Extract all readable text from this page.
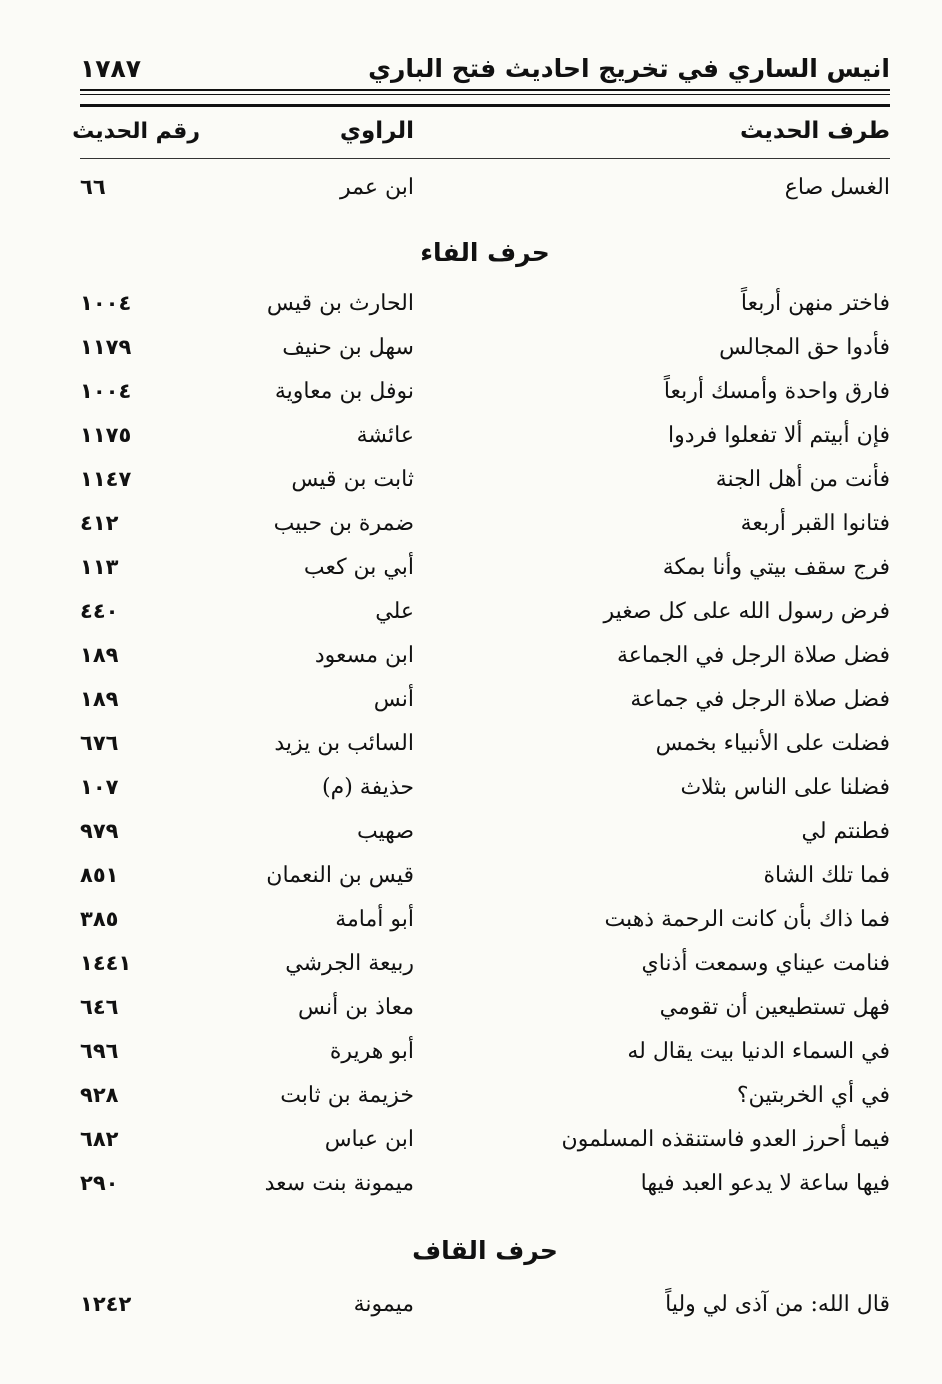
١٧٨٧	انيس الساري في تخريج احاديث فتح الباري
طرف الحديث
الراوي
رقم الحديث
الغسل صاع
ابن عمر
٦٦
حرف الفاء
فاختر منهن أربعاً
الحارث بن قيس
١٠٠٤
فأدوا حق المجالس
سهل بن حنيف
١١٧٩
فارق واحدة وأمسك أربعاً
نوفل بن معاوية
١٠٠٤
فإن أبيتم ألا تفعلوا فردوا
عائشة
١١٧٥
فأنت من أهل الجنة
ثابت بن قيس
١١٤٧
فتانوا القبر أربعة
ضمرة بن حبيب
٤١٢
فرج سقف بيتي وأنا بمكة
أبي بن كعب
١١٣
فرض رسول الله على كل صغير
علي
٤٤٠
فضل صلاة الرجل في الجماعة
ابن مسعود
١٨٩
فضل صلاة الرجل في جماعة
أنس
١٨٩
فضلت على الأنبياء بخمس
السائب بن يزيد
٦٧٦
فضلنا على الناس بثلاث
حذيفة (م)
١٠٧
فطنتم لي
صهيب
٩٧٩
فما تلك الشاة
قيس بن النعمان
٨٥١
فما ذاك بأن كانت الرحمة ذهبت
أبو أمامة
٣٨٥
فنامت عيناي وسمعت أذناي
ربيعة الجرشي
١٤٤١
فهل تستطيعين أن تقومي
معاذ بن أنس
٦٤٦
في السماء الدنيا بيت يقال له
أبو هريرة
٦٩٦
في أي الخربتين؟
خزيمة بن ثابت
٩٢٨
فيما أحرز العدو فاستنقذه المسلمون
ابن عباس
٦٨٢
فيها ساعة لا يدعو العبد فيها
ميمونة بنت سعد
٢٩٠
حرف القاف
قال الله: من آذى لي ولياً
ميمونة
١٢٤٢
